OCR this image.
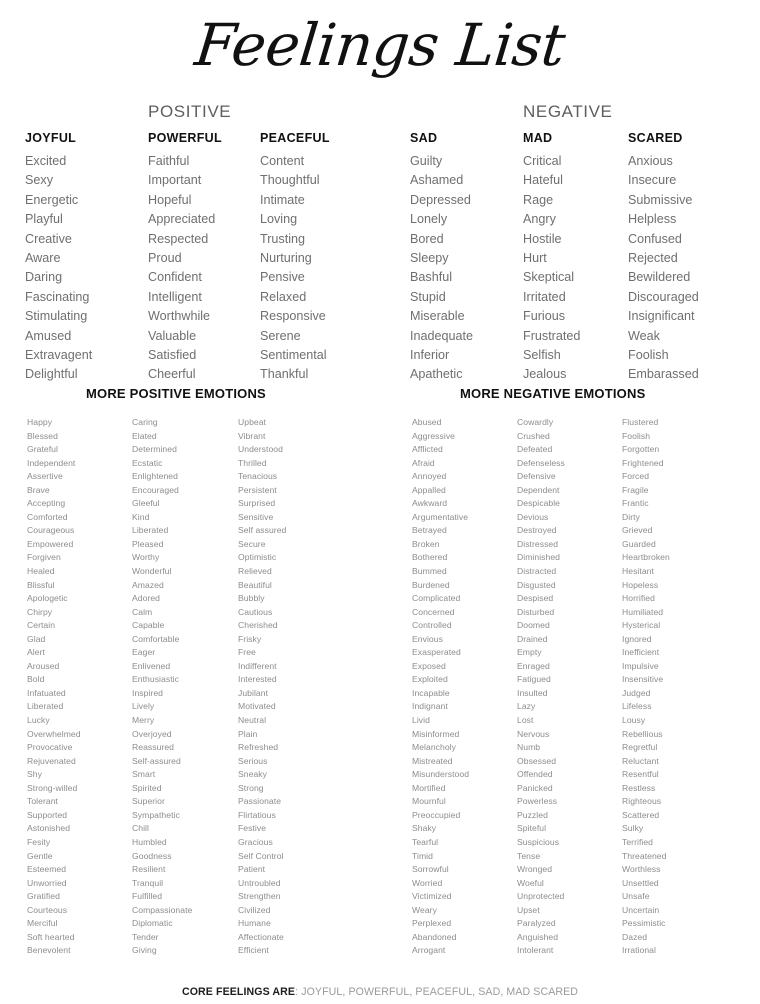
Feelings List
POSITIVE	NEGATIVE
JOYFUL
Excited
Sexy
Energetic
Playful
Creative
Aware
Daring
Fascinating
Stimulating
Amused
Extravagent
Delightful
POWERFUL
Faithful
Important
Hopeful
Appreciated
Respected
Proud
Confident
Intelligent
Worthwhile
Valuable
Satisfied
Cheerful
PEACEFUL
Content
Thoughtful
Intimate
Loving
Trusting
Nurturing
Pensive
Relaxed
Responsive
Serene
Sentimental
Thankful
SAD
Guilty
Ashamed
Depressed
Lonely
Bored
Sleepy
Bashful
Stupid
Miserable
Inadequate
Inferior
Apathetic
MAD
Critical
Hateful
Rage
Angry
Hostile
Hurt
Skeptical
Irritated
Furious
Frustrated
Selfish
Jealous
SCARED
Anxious
Insecure
Submissive
Helpless
Confused
Rejected
Bewildered
Discouraged
Insignificant
Weak
Foolish
Embarassed
MORE POSITIVE EMOTIONS	MORE NEGATIVE EMOTIONS
Happy
Blessed
Grateful
Independent
Assertive
Brave
Accepting
Comforted
Courageous
Empowered
Forgiven
Healed
Blissful
Apologetic
Chirpy
Certain
Glad
Alert
Aroused
Bold
Infatuated
Liberated
Lucky
Overwhelmed
Provocative
Rejuvenated
Shy
Strong-willed
Tolerant
Supported
Astonished
Fesity
Gentle
Esteemed
Unworried
Gratified
Courteous
Merciful
Soft hearted
Benevolent
Caring
Elated
Determined
Ecstatic
Enlightened
Encouraged
Gleeful
Kind
Liberated
Pleased
Worthy
Wonderful
Amazed
Adored
Calm
Capable
Comfortable
Eager
Enlivened
Enthusiastic
Inspired
Lively
Merry
Overjoyed
Reassured
Self-assured
Smart
Spirited
Superior
Sympathetic
Chill
Humbled
Goodness
Resilient
Tranquil
Fulfilled
Compassionate
Diplomatic
Tender
Giving
Upbeat
Vibrant
Understood
Thrilled
Tenacious
Persistent
Surprised
Sensitive
Self assured
Secure
Optimistic
Relieved
Beautiful
Bubbly
Cautious
Cherished
Frisky
Free
Indifferent
Interested
Jubilant
Motivated
Neutral
Plain
Refreshed
Serious
Sneaky
Strong
Passionate
Flirtatious
Festive
Gracious
Self Control
Patient
Untroubled
Strengthen
Civilized
Humane
Affectionate
Efficient
Abused
Aggressive
Afflicted
Afraid
Annoyed
Appalled
Awkward
Argumentative
Betrayed
Broken
Bothered
Bummed
Burdened
Complicated
Concerned
Controlled
Envious
Exasperated
Exposed
Exploited
Incapable
Indignant
Livid
Misinformed
Melancholy
Mistreated
Misunderstood
Mortified
Mournful
Preoccupied
Shaky
Tearful
Timid
Sorrowful
Worried
Victimized
Weary
Perplexed
Abandoned
Arrogant
Cowardly
Crushed
Defeated
Defenseless
Defensive
Dependent
Despicable
Devious
Destroyed
Distressed
Diminished
Distracted
Disgusted
Despised
Disturbed
Doomed
Drained
Empty
Enraged
Fatigued
Insulted
Lazy
Lost
Nervous
Numb
Obsessed
Offended
Panicked
Powerless
Puzzled
Spiteful
Suspicious
Tense
Wronged
Woeful
Unprotected
Upset
Paralyzed
Anguished
Intolerant
Flustered
Foolish
Forgotten
Frightened
Forced
Fragile
Frantic
Dirty
Grieved
Guarded
Heartbroken
Hesitant
Hopeless
Horrified
Humiliated
Hysterical
Ignored
Inefficient
Impulsive
Insensitive
Judged
Lifeless
Lousy
Rebellious
Regretful
Reluctant
Resentful
Restless
Righteous
Scattered
Sulky
Terrified
Threatened
Worthless
Unsettled
Unsafe
Uncertain
Pessimistic
Dazed
Irrational
CORE FEELINGS ARE: JOYFUL, POWERFUL, PEACEFUL, SAD, MAD SCARED
